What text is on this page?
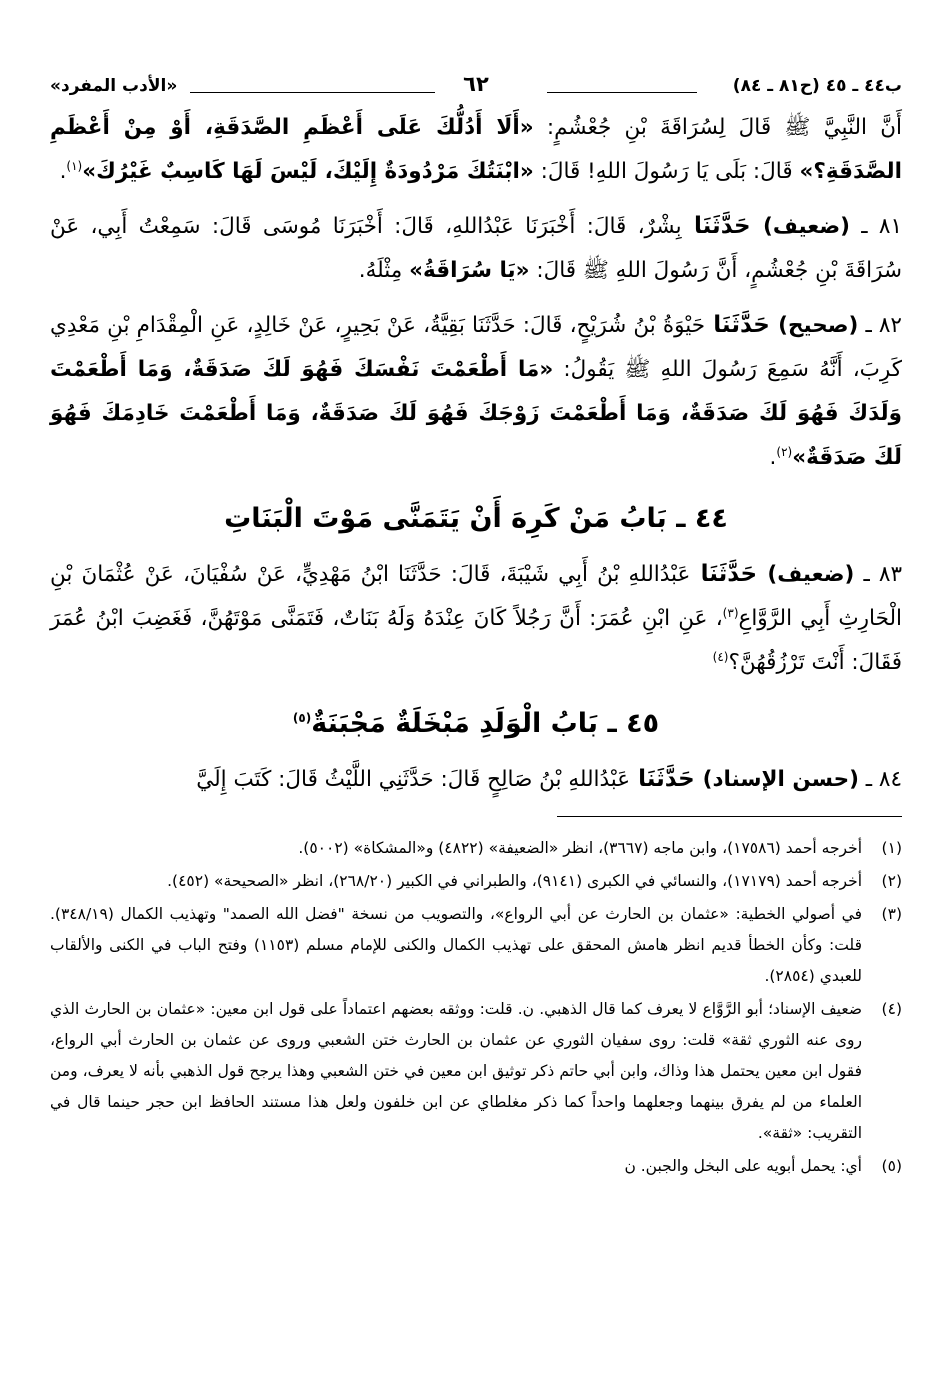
ب٤٤ ـ ٤٥ (ح٨١ ـ ٨٤)
٦٢
«الأدب المفرد»

أَنَّ النَّبِيَّ ﷺ قَالَ لِسُرَاقَةَ بْنِ جُعْشُمٍ: «أَلَا أَدُلُّكَ عَلَى أَعْظَمِ الصَّدَقَةِ، أَوْ مِنْ أَعْظَمِ الصَّدَقَةِ؟» قَالَ: بَلَى يَا رَسُولَ اللهِ! قَالَ: «ابْنَتُكَ مَرْدُودَةٌ إِلَيْكَ، لَيْسَ لَهَا كَاسِبٌ غَيْرُكَ»$^{(١)}$.

٨١ ـ (ضعيف) حَدَّثَنَا بِشْرٌ، قَالَ: أَخْبَرَنَا عَبْدُاللهِ، قَالَ: أَخْبَرَنَا مُوسَى قَالَ: سَمِعْتُ أَبِي، عَنْ سُرَاقَةَ بْنِ جُعْشُمٍ، أَنَّ رَسُولَ اللهِ ﷺ قَالَ: «يَا سُرَاقَةُ» مِثْلَهُ.

٨٢ ـ (صحيح) حَدَّثَنَا حَيْوَةُ بْنُ شُرَيْحٍ، قَالَ: حَدَّثَنَا بَقِيَّةُ، عَنْ بَحِيرٍ، عَنْ خَالِدٍ، عَنِ الْمِقْدَامِ بْنِ مَعْدِي كَرِبَ، أَنَّهُ سَمِعَ رَسُولَ اللهِ ﷺ يَقُولُ: «مَا أَطْعَمْتَ نَفْسَكَ فَهُوَ لَكَ صَدَقَةٌ، وَمَا أَطْعَمْتَ وَلَدَكَ فَهُوَ لَكَ صَدَقَةٌ، وَمَا أَطْعَمْتَ زَوْجَكَ فَهُوَ لَكَ صَدَقَةٌ، وَمَا أَطْعَمْتَ خَادِمَكَ فَهُوَ لَكَ صَدَقَةٌ»$^{(٢)}$.

٤٤ ـ بَابُ مَنْ كَرِهَ أَنْ يَتَمَنَّى مَوْتَ الْبَنَاتِ

٨٣ ـ (ضعيف) حَدَّثَنَا عَبْدُاللهِ بْنُ أَبِي شَيْبَةَ، قَالَ: حَدَّثَنَا ابْنُ مَهْدِيٍّ، عَنْ سُفْيَانَ، عَنْ عُثْمَانَ بْنِ الْحَارِثِ أَبِي الرَّوَّاعِ$^{(٣)}$، عَنِ ابْنِ عُمَرَ: أَنَّ رَجُلاً كَانَ عِنْدَهُ وَلَهُ بَنَاتٌ، فَتَمَنَّى مَوْتَهُنَّ، فَغَضِبَ ابْنُ عُمَرَ فَقَالَ: أَنْتَ تَرْزُقُهُنَّ؟$^{(٤)}$

٤٥ ـ بَابُ الْوَلَدِ مَبْخَلَةٌ مَجْبَنَةٌ$^{(٥)}$

٨٤ ـ (حسن الإسناد) حَدَّثَنَا عَبْدُاللهِ بْنُ صَالِحٍ قَالَ: حَدَّثَنِي اللَّيْثُ قَالَ: كَتَبَ إِلَيَّ

(١)
أخرجه أحمد (١٧٥٨٦)، وابن ماجه (٣٦٦٧)، انظر «الضعيفة» (٤٨٢٢) و«المشكاة» (٥٠٠٢).
(٢)
أخرجه أحمد (١٧١٧٩)، والنسائي في الكبرى (٩١٤١)، والطبراني في الكبير (٢٦٨/٢٠)، انظر «الصحيحة» (٤٥٢).
(٣)
في أصولي الخطية: «عثمان بن الحارث عن أبي الرواع»، والتصويب من نسخة "فضل الله الصمد" وتهذيب الكمال (٣٤٨/١٩). قلت: وكأن الخطأ قديم انظر هامش المحقق على تهذيب الكمال والكنى للإمام مسلم (١١٥٣) وفتح الباب في الكنى والألقاب للعبدي (٢٨٥٤).
(٤)
ضعيف الإسناد؛ أبو الرَّوَّاع لا يعرف كما قال الذهبي. ن. قلت: ووثقه بعضهم اعتماداً على قول ابن معين: «عثمان بن الحارث الذي روى عنه الثوري ثقة» قلت: روى سفيان الثوري عن عثمان بن الحارث ختن الشعبي وروى عن عثمان بن الحارث أبي الرواع، فقول ابن معين يحتمل هذا وذاك، وابن أبي حاتم ذكر توثيق ابن معين في ختن الشعبي وهذا يرجح قول الذهبي بأنه لا يعرف، ومن العلماء من لم يفرق بينهما وجعلهما واحداً كما ذكر مغلطاي عن ابن خلفون ولعل هذا مستند الحافظ ابن حجر حينما قال في التقريب: «ثقة».
(٥)
أي: يحمل أبويه على البخل والجبن. ن
